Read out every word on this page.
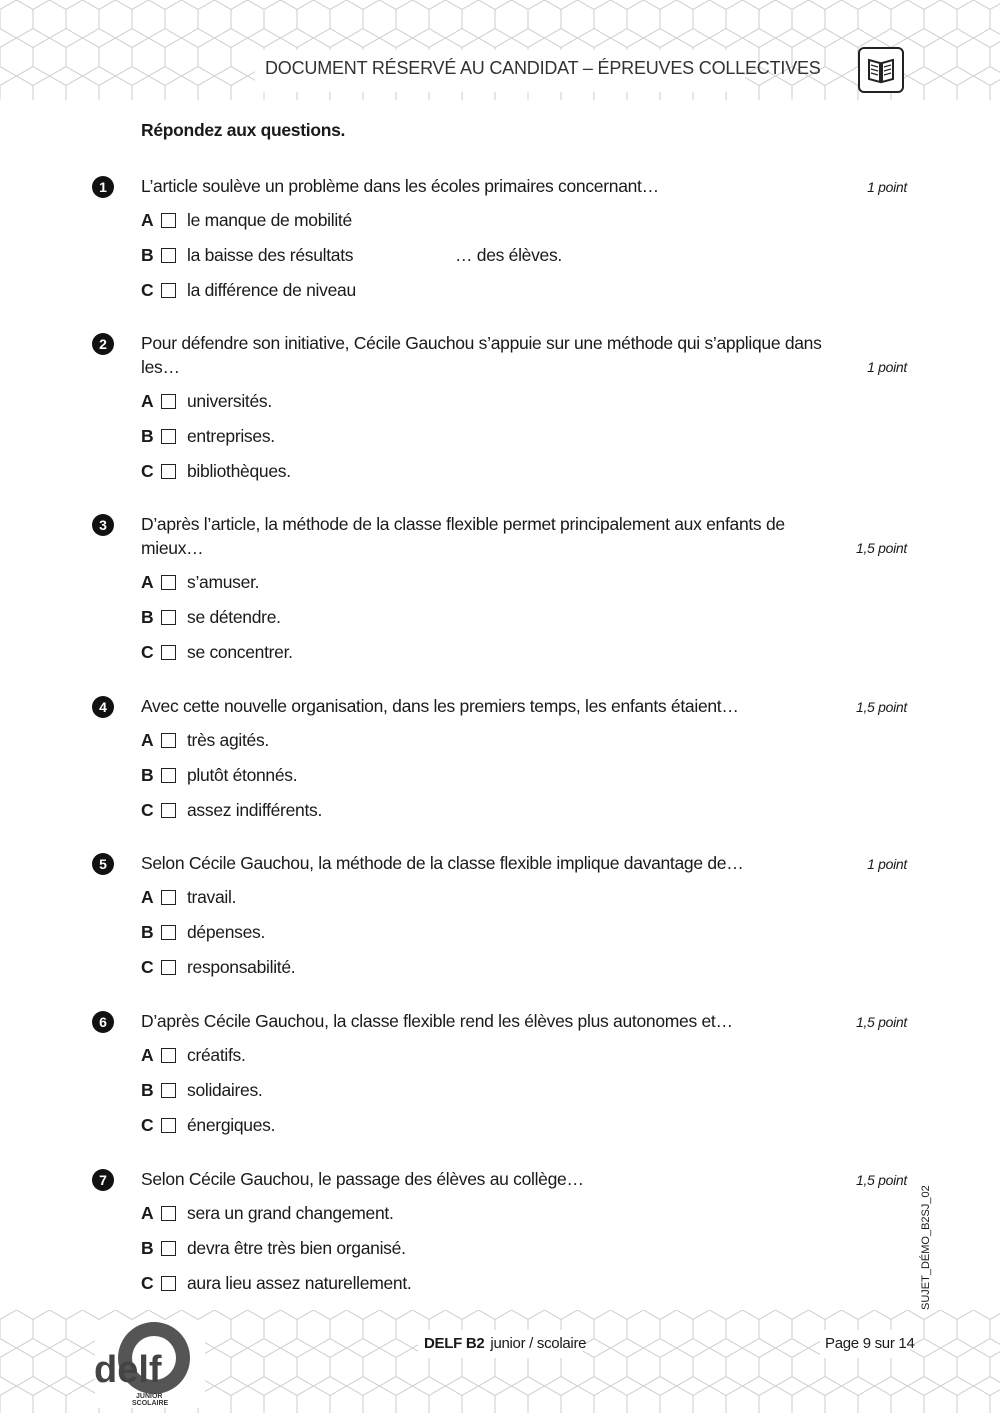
DOCUMENT RÉSERVÉ AU CANDIDAT – ÉPREUVES COLLECTIVES
Répondez aux questions.
1	1 point
L’article soulève un problème dans les écoles primaires concernant…
A	le manque de mobilité
B	la baisse des résultats	… des élèves.
C	la différence de niveau
2
1 point
Pour défendre son initiative, Cécile Gauchou s’appuie sur une méthode qui s’applique dans les…
A	universités.
B	entreprises.
C	bibliothèques.
3
1,5 point
D’après l’article, la méthode de la classe flexible permet principalement aux enfants de mieux…
A	s’amuser.
B	se détendre.
C	se concentrer.
4	1,5 point
Avec cette nouvelle organisation, dans les premiers temps, les enfants étaient…
A	très agités.
B	plutôt étonnés.
C	assez indifférents.
5	1 point
Selon Cécile Gauchou, la méthode de la classe flexible implique davantage de…
A	travail.
B	dépenses.
C	responsabilité.
6	1,5 point
D’après Cécile Gauchou, la classe flexible rend les élèves plus autonomes et…
A	créatifs.
B	solidaires.
C	énergiques.
7	1,5 point
Selon Cécile Gauchou, le passage des élèves au collège…
A	sera un grand changement.
B	devra être très bien organisé.
C	aura lieu assez naturellement.
delf
JUNIOR
SCOLAIRE
DELF B2 junior / scolaire	Page 9 sur 14
SUJET_DÉMO_B2SJ_02
